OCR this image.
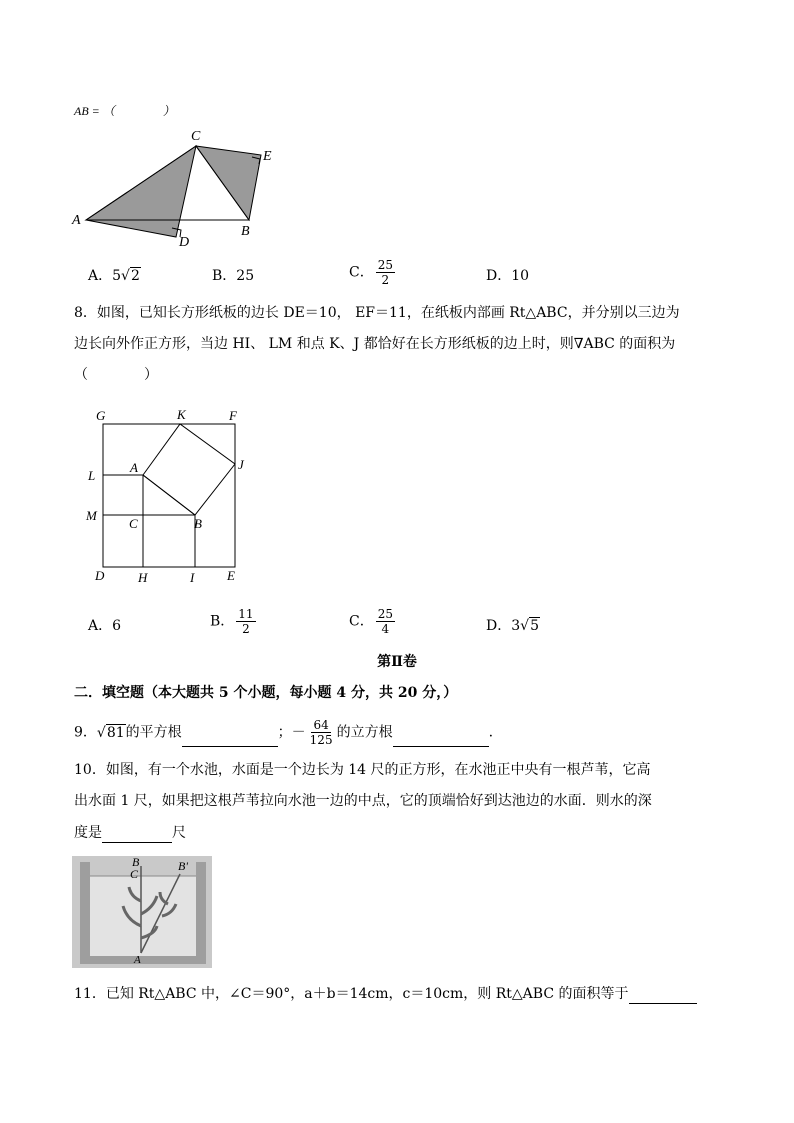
AB = （　　　　）
A
C
E
D
B
A．5√2	B．25	C． $\frac{25}{2}$	D．10
8．如图，已知长方形纸板的边长 DE＝10， EF＝11，在纸板内部画 Rt△ABC，并分别以三边为
边长向外作正方形，当边 HI、 LM 和点 K、J 都恰好在长方形纸板的边上时，则∇ABC 的面积为
（　　　　）
G	K	F
J
L
A
M
C	B
D	H	I	E
A．6	B． $\frac{11}{2}$	C． $\frac{25}{4}$	D．3√5
第Ⅱ卷
二．填空题（本大题共 5 个小题，每小题 4 分，共 20 分，）
9．√81的平方根	；－ $\frac{64}{125}$ 的立方根	.
10．如图，有一个水池，水面是一个边长为 14 尺的正方形，在水池正中央有一根芦苇，它高
出水面 1 尺，如果把这根芦苇拉向水池一边的中点，它的顶端恰好到达池边的水面．则水的深
度是	尺
B
C
B'
A
11．已知 Rt△ABC 中，∠C＝90°，a＋b＝14cm，c＝10cm，则 Rt△ABC 的面积等于
